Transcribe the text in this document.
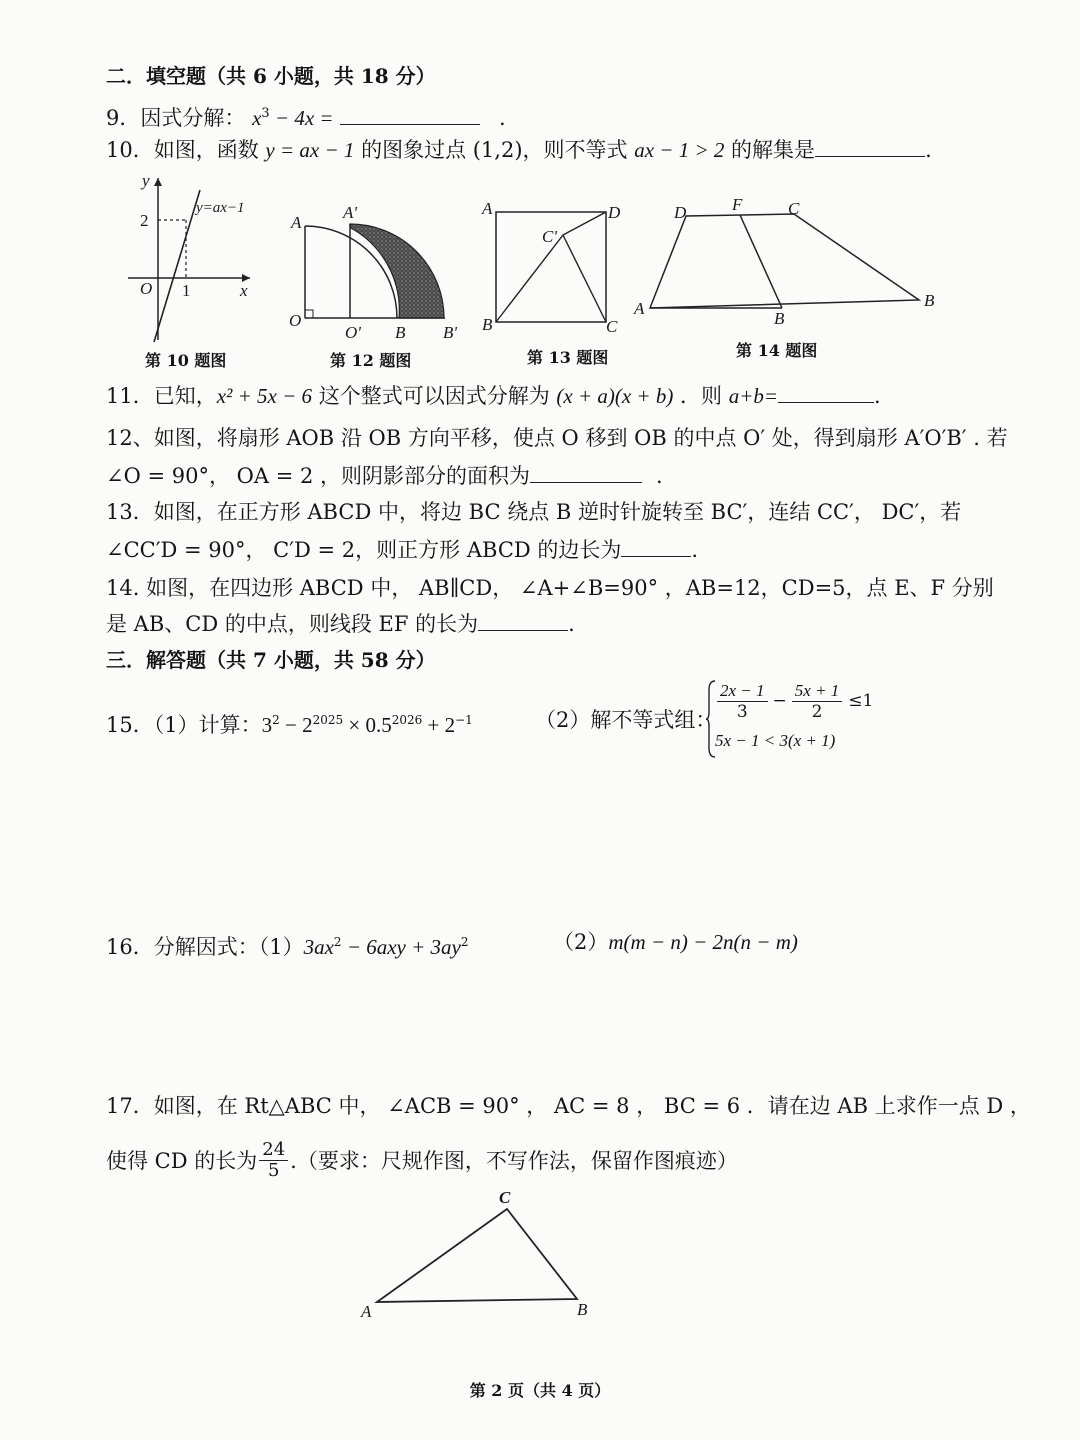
二．填空题（共 6 小题，共 18 分）
9．因式分解： $x^3 - 4x$ =	.
10．如图，函数 y = ax − 1 的图象过点 (1,2)，则不等式 ax − 1 > 2 的解集是	.
y
x
O 1
2
y=ax−1
第 10 题图
A
A'
O
O' B B'
第 12 题图
A	D
B	C
C'
第 13 题图
A
D	F	C
B
B
第 14 题图
11．已知，x² + 5x − 6 这个整式可以因式分解为 (x + a)(x + b) ．则 a+b=	.
12、如图，将扇形 AOB 沿 OB 方向平移，使点 O 移到 OB 的中点 O′ 处，得到扇形 A′O′B′ . 若
∠O = 90°， OA = 2 ，则阴影部分的面积为	.
13．如图，在正方形 ABCD 中，将边 BC 绕点 B 逆时针旋转至 BC′，连结 CC′， DC′，若
∠CC′D = 90°， C′D = 2，则正方形 ABCD 的边长为	.
14. 如图，在四边形 ABCD 中， AB∥CD， ∠A+∠B=90° ，AB=12，CD=5，点 E、F 分别
是 AB、CD 的中点，则线段 EF 的长为	.
三．解答题（共 7 小题，共 58 分）
15．（1）计算：$3^2 - 2^{2025} \times 0.5^{2026} + 2^{-1}$	（2）解不等式组： $\frac{2x - 1}{3} - \frac{5x + 1}{2} \le 1$
5x − 1 < 3(x + 1)
16．分解因式：$(1)3ax^2 - 6axy + 3ay^2$	（2）m(m − n) − 2n(n − m)
17．如图，在 Rt△ABC 中， ∠ACB = 90° ， AC = 8 ， BC = 6 ．请在边 AB 上求作一点 D ，
使得 CD 的长为 $\frac{24}{5}$ .（要求：尺规作图，不写作法，保留作图痕迹）
A	B
C
第 2 页（共 4 页）
